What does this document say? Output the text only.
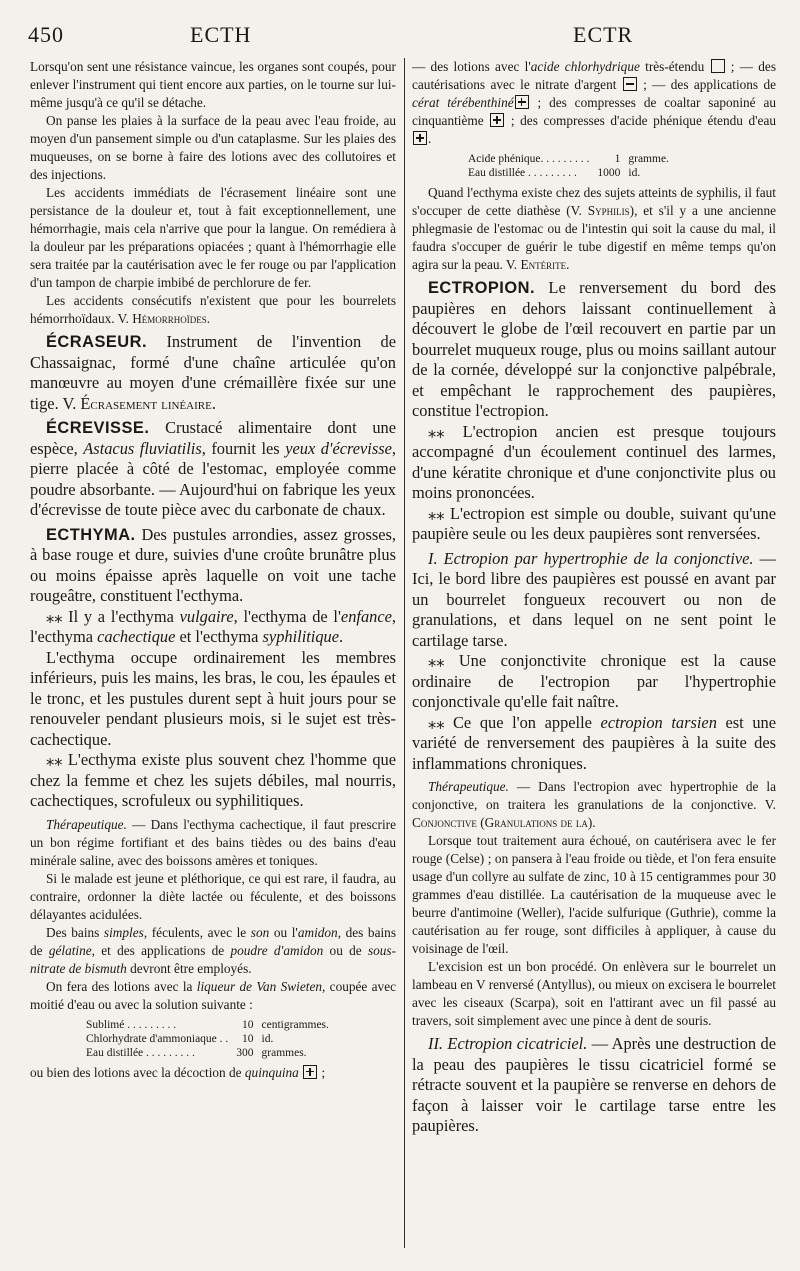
450	ECTH	ECTR

Lorsqu'on sent une résistance vaincue, les organes sont coupés, pour enlever l'instrument qui tient encore aux parties, on le tourne sur lui-même jusqu'à ce qu'il se détache.

On panse les plaies à la surface de la peau avec l'eau froide, au moyen d'un pansement simple ou d'un cataplasme. Sur les plaies des muqueuses, on se borne à faire des lotions avec des collutoires et des injections.

Les accidents immédiats de l'écrasement linéaire sont une persistance de la douleur et, tout à fait exceptionnellement, une hémorrhagie, mais cela n'arrive que pour la langue. On remédiera à la douleur par les préparations opiacées ; quant à l'hémorrhagie elle sera traitée par la cautérisation avec le fer rouge ou par l'application d'un tampon de charpie imbibé de perchlorure de fer.

Les accidents consécutifs n'existent que pour les bourrelets hémorrhoïdaux. V. Hémorrhoïdes.

ÉCRASEUR. Instrument de l'invention de Chassaignac, formé d'une chaîne articulée qu'on manœuvre au moyen d'une crémaillère fixée sur une tige. V. Écrasement linéaire.

ÉCREVISSE. Crustacé alimentaire dont une espèce, Astacus fluviatilis, fournit les yeux d'écrevisse, pierre placée à côté de l'estomac, employée comme poudre absorbante. — Aujourd'hui on fabrique les yeux d'écrevisse de toute pièce avec du carbonate de chaux.

ECTHYMA. Des pustules arrondies, assez grosses, à base rouge et dure, suivies d'une croûte brunâtre plus ou moins épaisse après laquelle on voit une tache rougeâtre, constituent l'ecthyma.

⁎⁎ Il y a l'ecthyma vulgaire, l'ecthyma de l'enfance, l'ecthyma cachectique et l'ecthyma syphilitique.

L'ecthyma occupe ordinairement les membres inférieurs, puis les mains, les bras, le cou, les épaules et le tronc, et les pustules durent sept à huit jours pour se renouveler pendant plusieurs mois, si le sujet est très-cachectique.

⁎⁎ L'ecthyma existe plus souvent chez l'homme que chez la femme et chez les sujets débiles, mal nourris, cachectiques, scrofuleux ou syphilitiques.

Thérapeutique. — Dans l'ecthyma cachectique, il faut prescrire un bon régime fortifiant et des bains tièdes ou des bains d'eau minérale saline, avec des boissons amères et toniques.

Si le malade est jeune et pléthorique, ce qui est rare, il faudra, au contraire, ordonner la diète lactée ou féculente, et des boissons délayantes acidulées.

Des bains simples, féculents, avec le son ou l'amidon, des bains de gélatine, et des applications de poudre d'amidon ou de sous-nitrate de bismuth devront être employés.

On fera des lotions avec la liqueur de Van Swieten, coupée avec moitié d'eau ou avec la solution suivante :

Sublimé . . . . . . . . .	10	centigrammes.
Chlorhydrate d'ammoniaque . .	10	id.
Eau distillée . . . . . . . . .	300	grammes.

ou bien des lotions avec la décoction de quinquina  ;

— des lotions avec l'acide chlorhydrique très-étendu  ; — des cautérisations avec le nitrate d'argent  ; — des applications de cérat térébenthiné ; des compresses de coaltar saponiné au cinquantième  ; des compresses d'acide phénique étendu d'eau .

Acide phénique. . . . . . . . .	1	gramme.
Eau distillée . . . . . . . . .	1000	id.

Quand l'ecthyma existe chez des sujets atteints de syphilis, il faut s'occuper de cette diathèse (V. Syphilis), et s'il y a une ancienne phlegmasie de l'estomac ou de l'intestin qui soit la cause du mal, il faudra s'occuper de guérir le tube digestif en même temps qu'on agira sur la peau. V. Entérite.

ECTROPION. Le renversement du bord des paupières en dehors laissant continuellement à découvert le globe de l'œil recouvert en partie par un bourrelet muqueux rouge, plus ou moins saillant autour de la cornée, développé sur la conjonctive palpébrale, et empêchant le rapprochement des paupières, constitue l'ectropion.

⁎⁎ L'ectropion ancien est presque toujours accompagné d'un écoulement continuel des larmes, d'une kératite chronique et d'une conjonctivite plus ou moins prononcées.

⁎⁎ L'ectropion est simple ou double, suivant qu'une paupière seule ou les deux paupières sont renversées.

I. Ectropion par hypertrophie de la conjonctive. — Ici, le bord libre des paupières est poussé en avant par un bourrelet fongueux recouvert ou non de granulations, et dans lequel on ne sent point le cartilage tarse.

⁎⁎ Une conjonctivite chronique est la cause ordinaire de l'ectropion par l'hypertrophie conjonctivale qu'elle fait naître.

⁎⁎ Ce que l'on appelle ectropion tarsien est une variété de renversement des paupières à la suite des inflammations chroniques.

Thérapeutique. — Dans l'ectropion avec hypertrophie de la conjonctive, on traitera les granulations de la conjonctive. V. Conjonctive (Granulations de la).

Lorsque tout traitement aura échoué, on cautérisera avec le fer rouge (Celse) ; on pansera à l'eau froide ou tiède, et l'on fera ensuite usage d'un collyre au sulfate de zinc, 10 à 15 centigrammes pour 30 grammes d'eau distillée. La cautérisation de la muqueuse avec le beurre d'antimoine (Weller), l'acide sulfurique (Guthrie), comme la cautérisation au fer rouge, sont difficiles à appliquer, à cause du voisinage de l'œil.

L'excision est un bon procédé. On enlèvera sur le bourrelet un lambeau en V renversé (Antyllus), ou mieux on excisera le bourrelet avec les ciseaux (Scarpa), soit en l'attirant avec un fil passé au travers, soit simplement avec une pince à dent de souris.

II. Ectropion cicatriciel. — Après une destruction de la peau des paupières le tissu cicatriciel formé se rétracte souvent et la paupière se renverse en dehors de façon à laisser voir le cartilage tarse entre les paupières.
